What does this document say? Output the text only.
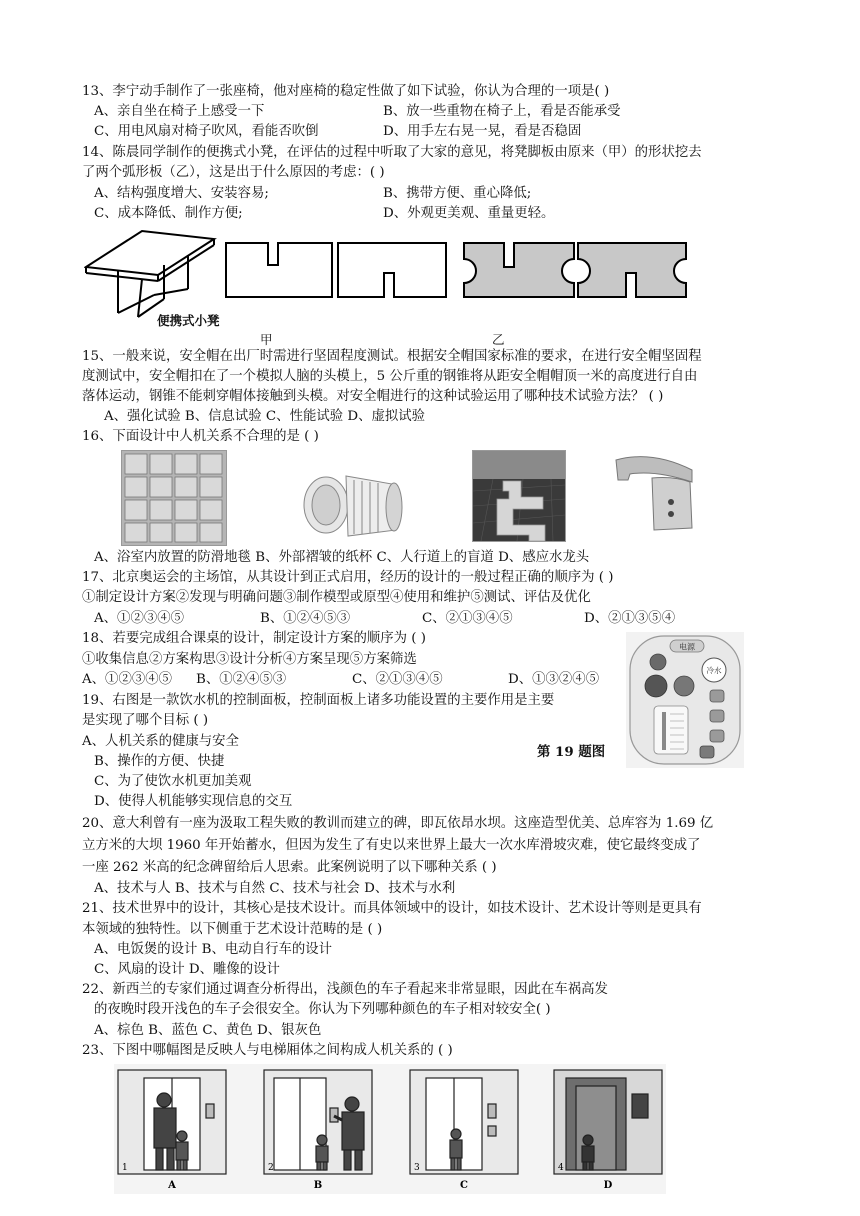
13、李宁动手制作了一张座椅，他对座椅的稳定性做了如下试验，你认为合理的一项是( )
A、亲自坐在椅子上感受一下	B、放一些重物在椅子上，看是否能承受
C、用电风扇对椅子吹风，看能否吹倒	D、用手左右晃一晃，看是否稳固
14、陈晨同学制作的便携式小凳，在评估的过程中听取了大家的意见，将凳脚板由原来（甲）的形状挖去
了两个弧形板（乙），这是出于什么原因的考虑：( )
A、结构强度增大、安装容易;	B、携带方便、重心降低;
C、成本降低、制作方便;	D、外观更美观、重量更轻。
便携式小凳
甲	乙
15、一般来说，安全帽在出厂时需进行坚固程度测试。根据安全帽国家标准的要求，在进行安全帽坚固程
度测试中，安全帽扣在了一个模拟人脑的头模上，5 公斤重的钢锥将从距安全帽帽顶一米的高度进行自由
落体运动，钢锥不能刺穿帽体接触到头模。对安全帽进行的这种试验运用了哪种技术试验方法？ ( )
A、强化试验 B、信息试验 C、性能试验 D、虚拟试验
16、下面设计中人机关系不合理的是 ( )
A、浴室内放置的防滑地毯 B、外部褶皱的纸杯 C、人行道上的盲道 D、感应水龙头
17、北京奥运会的主场馆，从其设计到正式启用，经历的设计的一般过程正确的顺序为 ( )
①制定设计方案②发现与明确问题③制作模型或原型④使用和维护⑤测试、评估及优化
A、①②③④⑤	B、①②④⑤③	C、②①③④⑤	D、②①③⑤④
18、若要完成组合课桌的设计，制定设计方案的顺序为 ( )
①收集信息②方案构思③设计分析④方案呈现⑤方案筛选
A、①②③④⑤ B、①②④⑤③	C、②①③④⑤	D、①③②④⑤
电源
冷水
19、右图是一款饮水机的控制面板，控制面板上诸多功能设置的主要作用是主要
是实现了哪个目标 ( )
A、人机关系的健康与安全
第 19 题图
B、操作的方便、快捷
C、为了使饮水机更加美观
D、使得人机能够实现信息的交互
20、意大利曾有一座为汲取工程失败的教训而建立的碑，即瓦依昂水坝。这座造型优美、总库容为 1.69 亿
立方米的大坝 1960 年开始蓄水，但因为发生了有史以来世界上最大一次水库滑坡灾难，使它最终变成了
一座 262 米高的纪念碑留给后人思索。此案例说明了以下哪种关系 ( )
A、技术与人 B、技术与自然 C、技术与社会 D、技术与水利
21、技术世界中的设计，其核心是技术设计。而具体领域中的设计，如技术设计、艺术设计等则是更具有
本领域的独特性。以下侧重于艺术设计范畴的是 ( )
A、电饭煲的设计 B、电动自行车的设计
C、风扇的设计 D、雕像的设计
22、新西兰的专家们通过调查分析得出，浅颜色的车子看起来非常显眼，因此在车祸高发
的夜晚时段开浅色的车子会很安全。你认为下列哪种颜色的车子相对较安全( )
A、棕色 B、蓝色 C、黄色 D、银灰色
23、下图中哪幅图是反映人与电梯厢体之间构成人机关系的 ( )
1	2	3	4
A	B	C	D
